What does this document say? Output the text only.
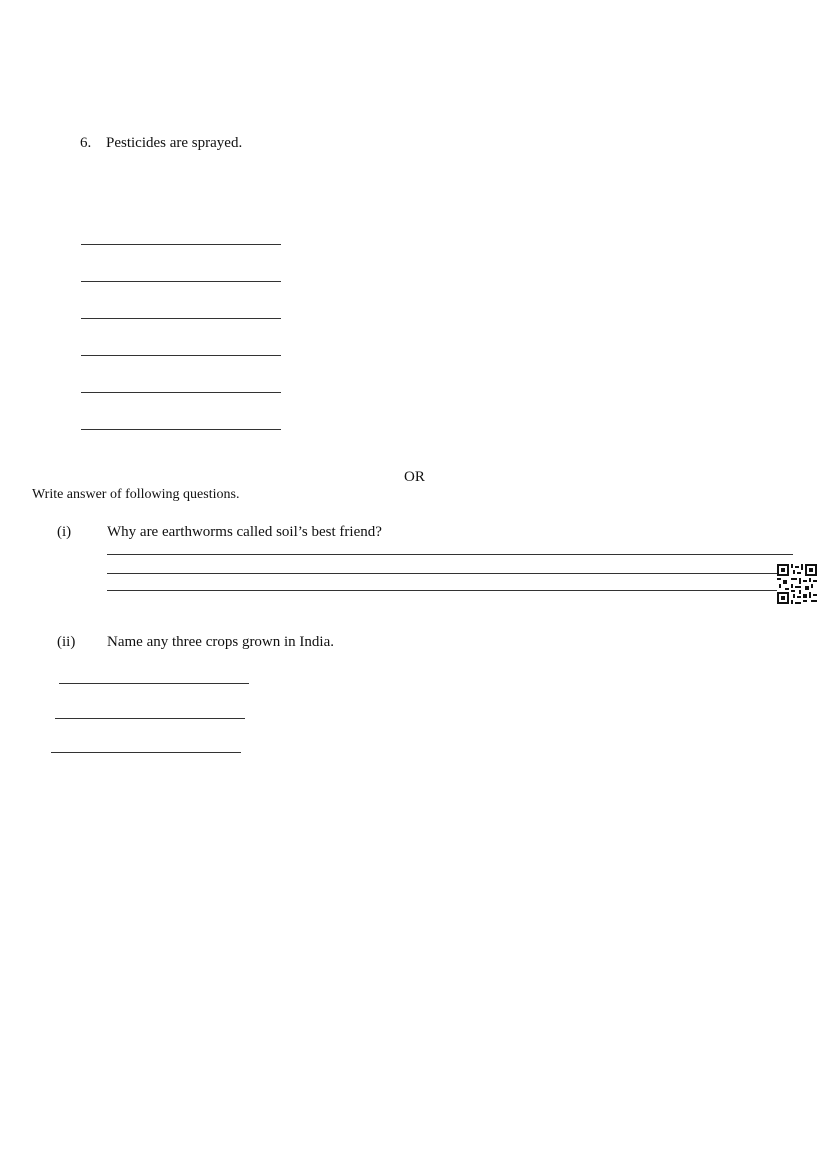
6. Pesticides are sprayed.
OR
Write answer of following questions.
(i) Why are earthworms called soil’s best friend?
(ii) Name any three crops grown in India.
